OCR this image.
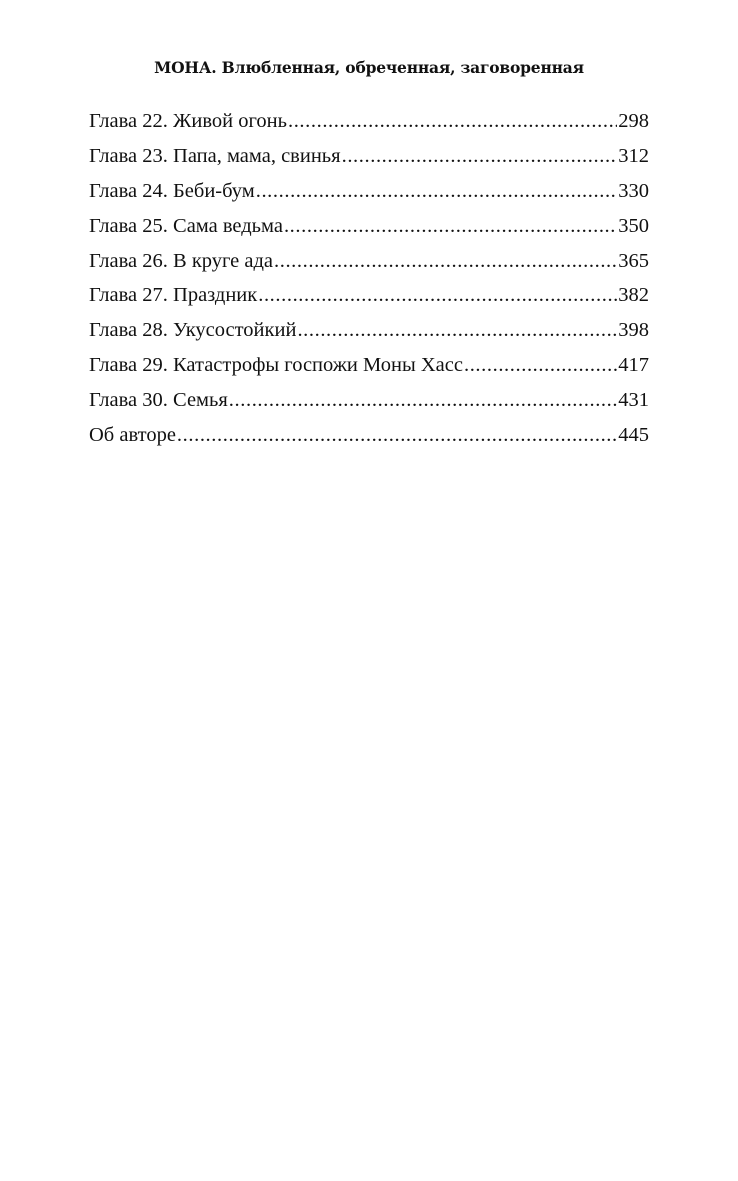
МОНА. Влюбленная, обреченная, заговоренная
Глава 22. Живой огонь .....	298
Глава 23. Папа, мама, свинья .....	312
Глава 24. Беби-бум .....	330
Глава 25. Сама ведьма .....	350
Глава 26. В круге ада .....	365
Глава 27. Праздник .....	382
Глава 28. Укусостойкий .....	398
Глава 29. Катастрофы госпожи Моны Хасс .....	417
Глава 30. Семья .....	431
Об авторе .....	445
